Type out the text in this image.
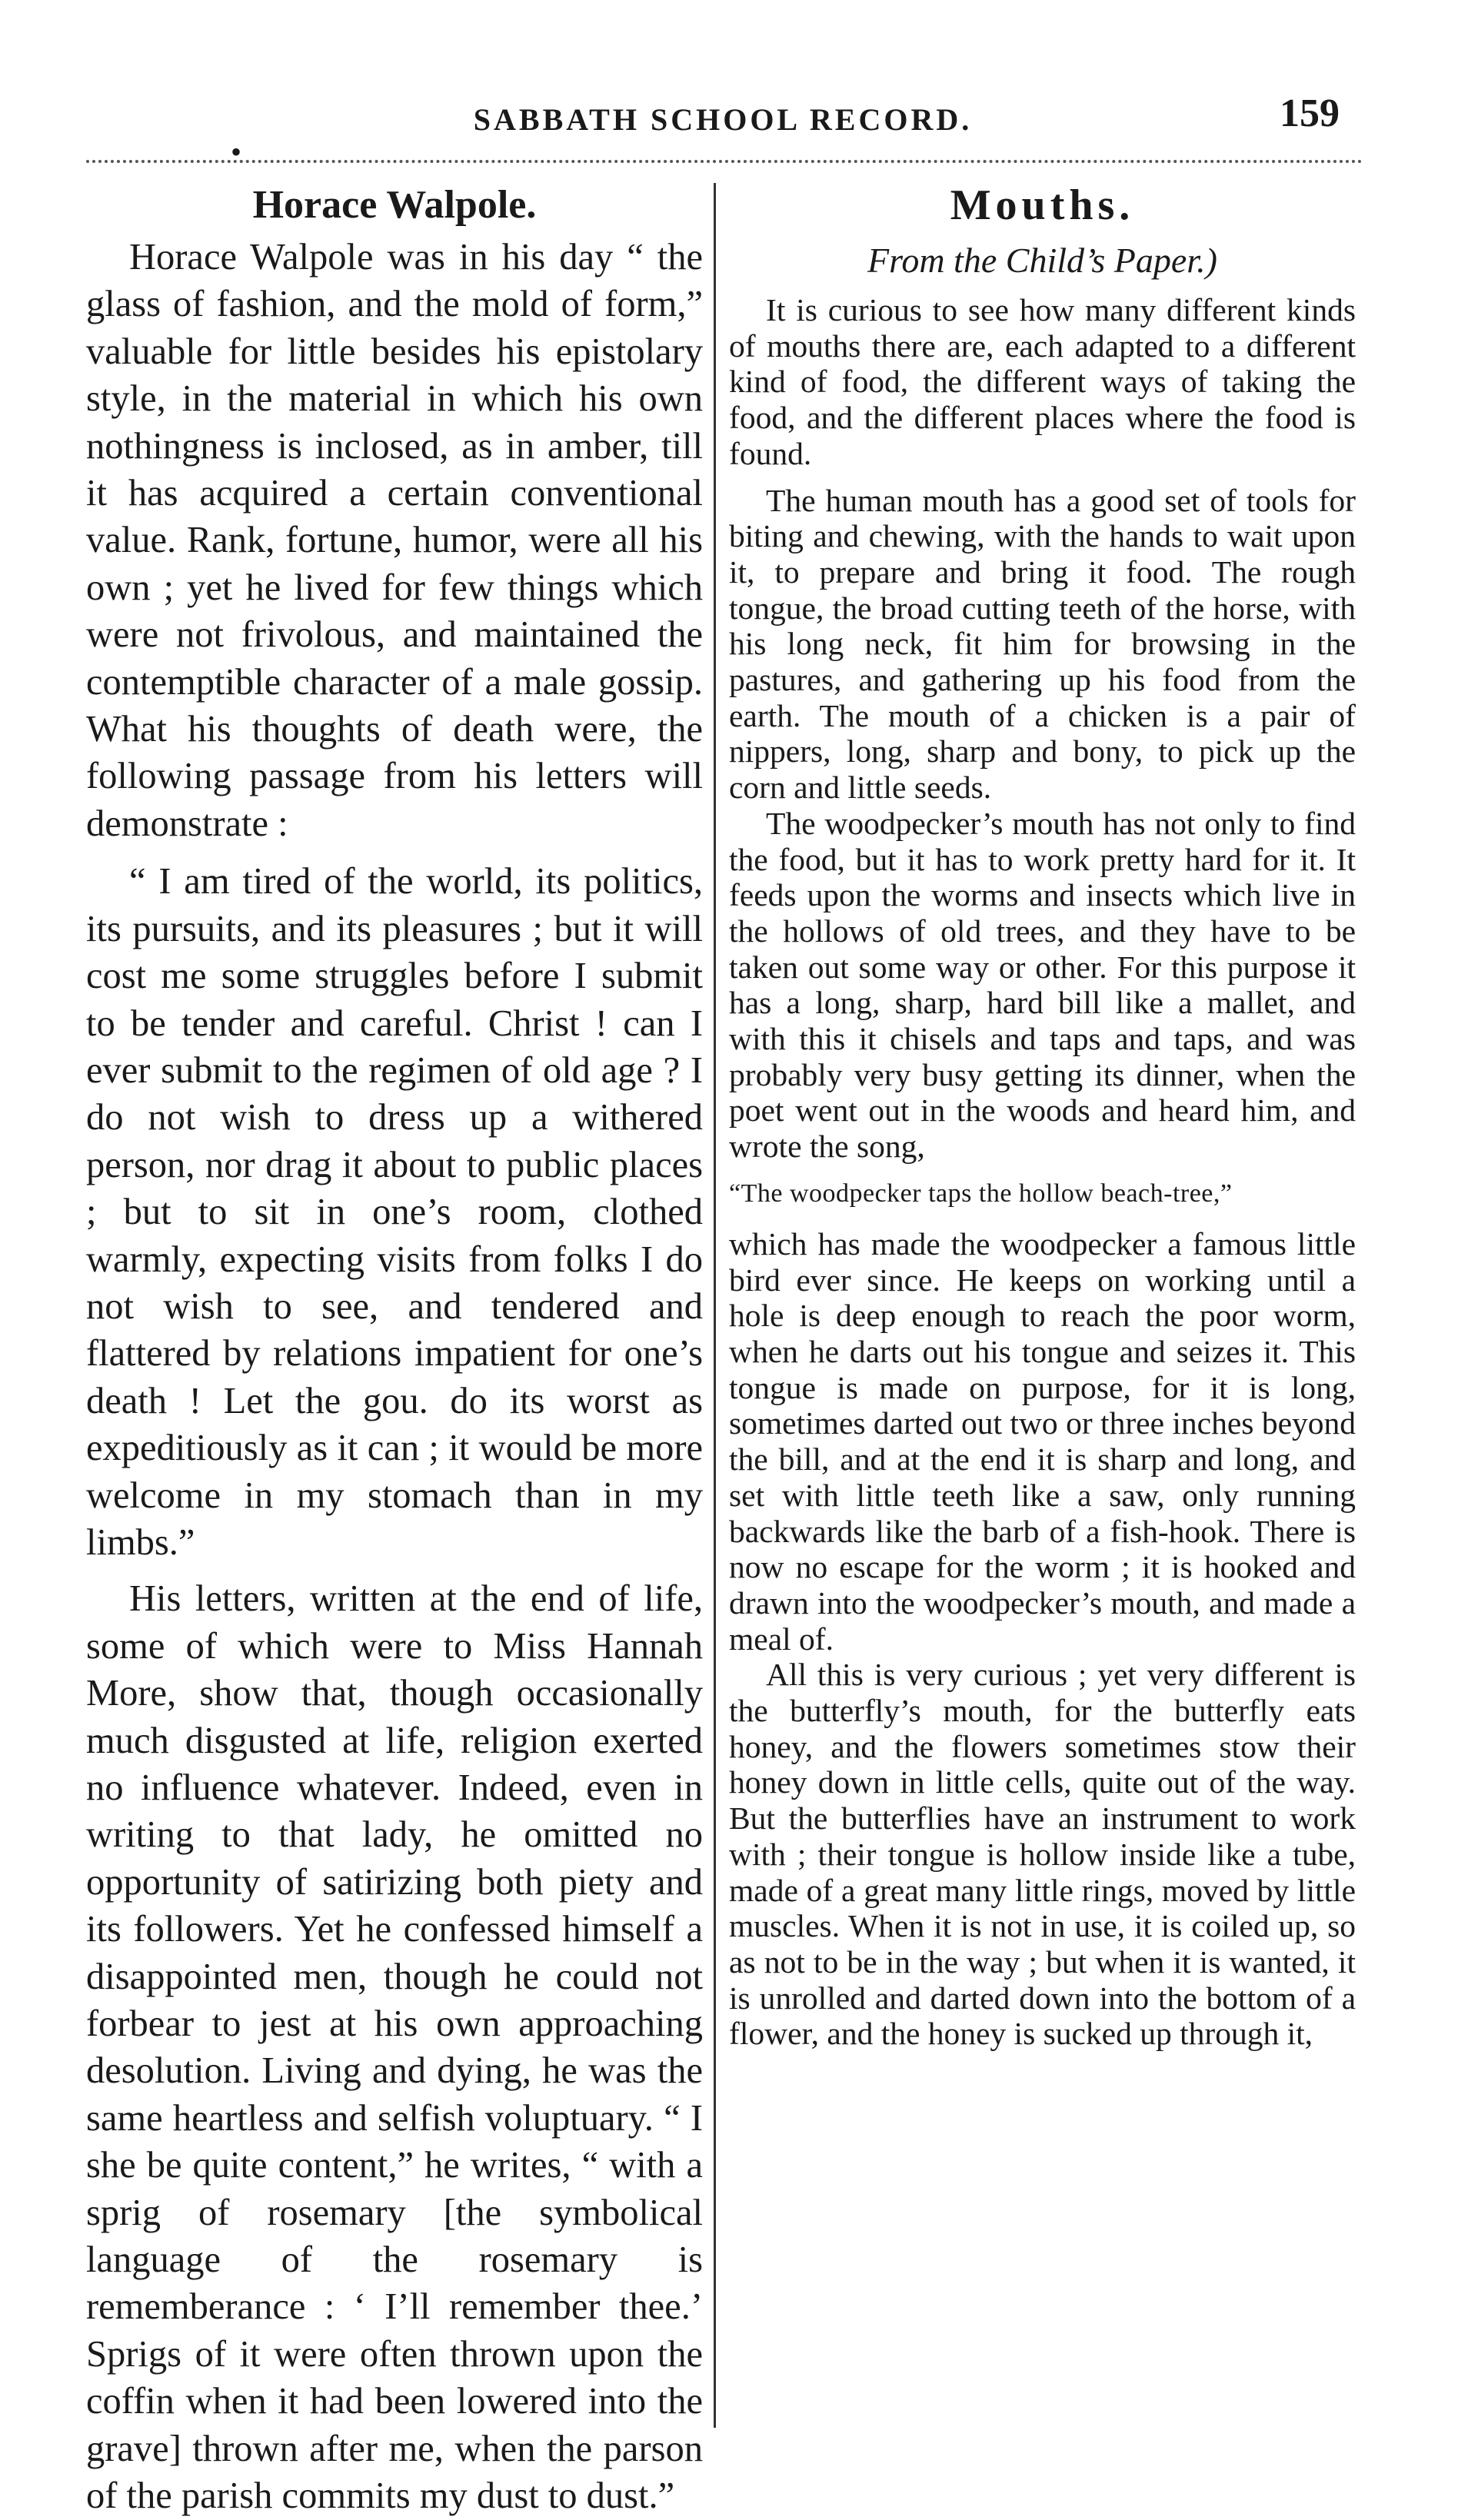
•
SABBATH SCHOOL RECORD.	159
Horace Walpole.

Horace Walpole was in his day “ the glass of fashion, and the mold of form,” valuable for little besides his epistolary style, in the material in which his own nothingness is inclosed, as in amber, till it has acquired a certain conventional value. Rank, fortune, humor, were all his own ; yet he lived for few things which were not frivolous, and maintained the contemptible character of a male gossip. What his thoughts of death were, the following passage from his letters will demonstrate :

“ I am tired of the world, its politics, its pursuits, and its pleasures ; but it will cost me some struggles before I submit to be tender and careful. Christ ! can I ever submit to the regimen of old age ? I do not wish to dress up a withered person, nor drag it about to public places ; but to sit in one’s room, clothed warmly, expecting visits from folks I do not wish to see, and tendered and flattered by relations impatient for one’s death ! Let the gou. do its worst as expeditiously as it can ; it would be more welcome in my stomach than in my limbs.”

His letters, written at the end of life, some of which were to Miss Hannah More, show that, though occasionally much disgusted at life, religion exerted no influence whatever. Indeed, even in writing to that lady, he omitted no opportunity of satirizing both piety and its followers. Yet he confessed himself a disappointed men, though he could not forbear to jest at his own approaching desolution. Living and dying, he was the same heartless and selfish voluptuary. “ I she be quite content,” he writes, “ with a sprig of rosemary [the symbolical language of the rosemary is rememberance : ‘ I’ll remember thee.’ Sprigs of it were often thrown upon the coffin when it had been lowered into the grave] thrown after me, when the parson of the parish commits my dust to dust.”

Mouths.
From the Child’s Paper.)

It is curious to see how many different kinds of mouths there are, each adapted to a different kind of food, the different ways of taking the food, and the different places where the food is found.

The human mouth has a good set of tools for biting and chewing, with the hands to wait upon it, to prepare and bring it food. The rough tongue, the broad cutting teeth of the horse, with his long neck, fit him for browsing in the pastures, and gathering up his food from the earth. The mouth of a chicken is a pair of nippers, long, sharp and bony, to pick up the corn and little seeds.

The woodpecker’s mouth has not only to find the food, but it has to work pretty hard for it. It feeds upon the worms and insects which live in the hollows of old trees, and they have to be taken out some way or other. For this purpose it has a long, sharp, hard bill like a mallet, and with this it chisels and taps and taps, and was probably very busy getting its dinner, when the poet went out in the woods and heard him, and wrote the song,

“The woodpecker taps the hollow beach-tree,”

which has made the woodpecker a famous little bird ever since. He keeps on working until a hole is deep enough to reach the poor worm, when he darts out his tongue and seizes it. This tongue is made on purpose, for it is long, sometimes darted out two or three inches beyond the bill, and at the end it is sharp and long, and set with little teeth like a saw, only running backwards like the barb of a fish-hook. There is now no escape for the worm ; it is hooked and drawn into the woodpecker’s mouth, and made a meal of.

All this is very curious ; yet very different is the butterfly’s mouth, for the butterfly eats honey, and the flowers sometimes stow their honey down in little cells, quite out of the way. But the butterflies have an instrument to work with ; their tongue is hollow inside like a tube, made of a great many little rings, moved by little muscles. When it is not in use, it is coiled up, so as not to be in the way ; but when it is wanted, it is unrolled and darted down into the bottom of a flower, and the honey is sucked up through it,
